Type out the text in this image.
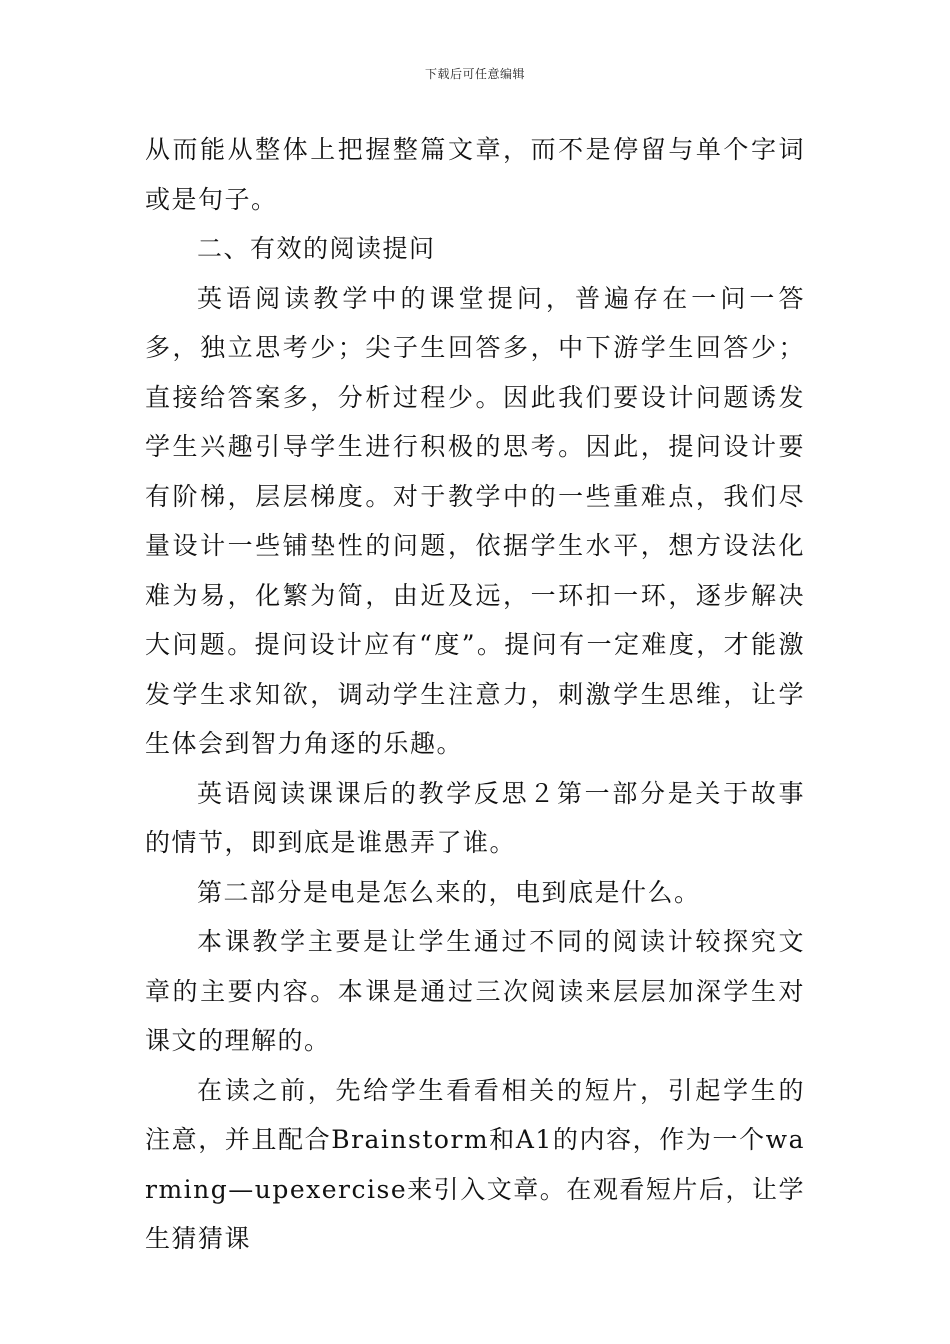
下载后可任意编辑

从而能从整体上把握整篇文章，而不是停留与单个字词或是句子。

二、有效的阅读提问

英语阅读教学中的课堂提问，普遍存在一问一答多，独立思考少；尖子生回答多，中下游学生回答少；直接给答案多，分析过程少。因此我们要设计问题诱发学生兴趣引导学生进行积极的思考。因此，提问设计要有阶梯，层层梯度。对于教学中的一些重难点，我们尽量设计一些铺垫性的问题，依据学生水平，想方设法化难为易，化繁为简，由近及远，一环扣一环，逐步解决大问题。提问设计应有“度”。提问有一定难度，才能激发学生求知欲，调动学生注意力，刺激学生思维，让学生体会到智力角逐的乐趣。

英语阅读课课后的教学反思２第一部分是关于故事的情节，即到底是谁愚弄了谁。

第二部分是电是怎么来的，电到底是什么。

本课教学主要是让学生通过不同的阅读计较探究文章的主要内容。本课是通过三次阅读来层层加深学生对课文的理解的。

在读之前，先给学生看看相关的短片，引起学生的注意，并且配合Brainstorm和A1的内容，作为一个warming—upexercise来引入文章。在观看短片后，让学生猜猜课
